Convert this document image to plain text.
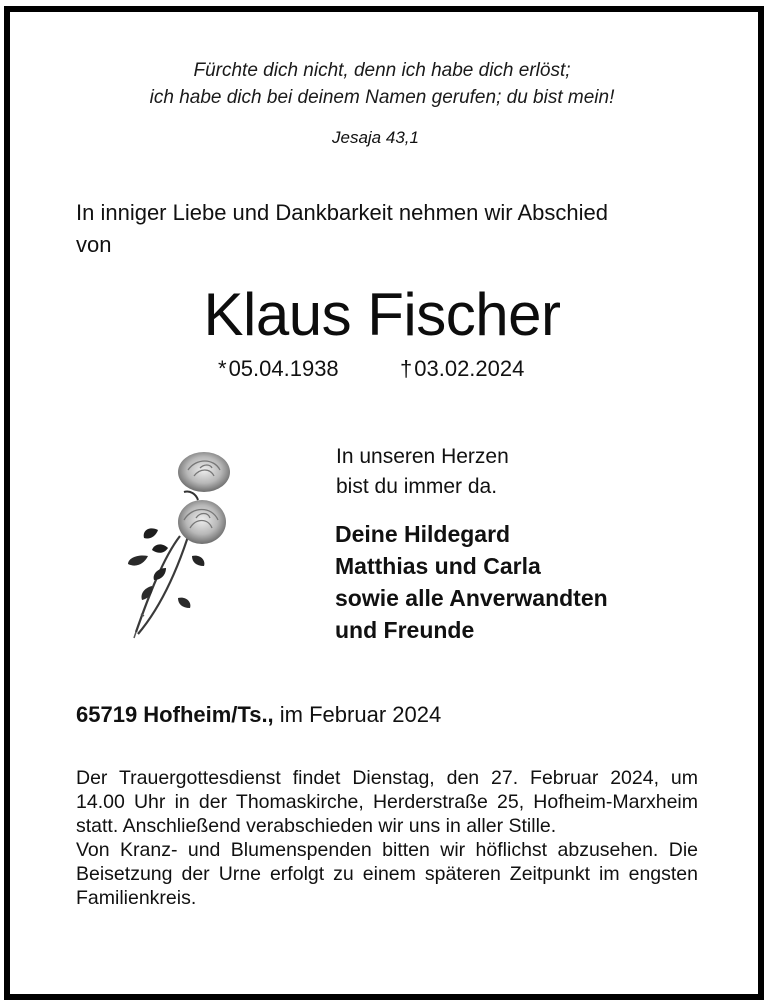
Fürchte dich nicht, denn ich habe dich erlöst;
ich habe dich bei deinem Namen gerufen; du bist mein!
Jesaja 43,1
In inniger Liebe und Dankbarkeit nehmen wir Abschied
von
Klaus Fischer
*05.04.1938	†03.02.2024
In unseren Herzen
bist du immer da.
Deine Hildegard
Matthias und Carla
sowie alle Anverwandten
und Freunde
65719 Hofheim/Ts., im Februar 2024

Der Trauergottesdienst findet Dienstag, den 27. Februar 2024, um 14.00 Uhr in der Thomaskirche, Herderstraße 25, Hofheim-Marxheim statt. Anschließend verabschieden wir uns in aller Stille.

Von Kranz- und Blumenspenden bitten wir höflichst abzusehen. Die Beisetzung der Urne erfolgt zu einem späteren Zeitpunkt im engsten Familienkreis.
